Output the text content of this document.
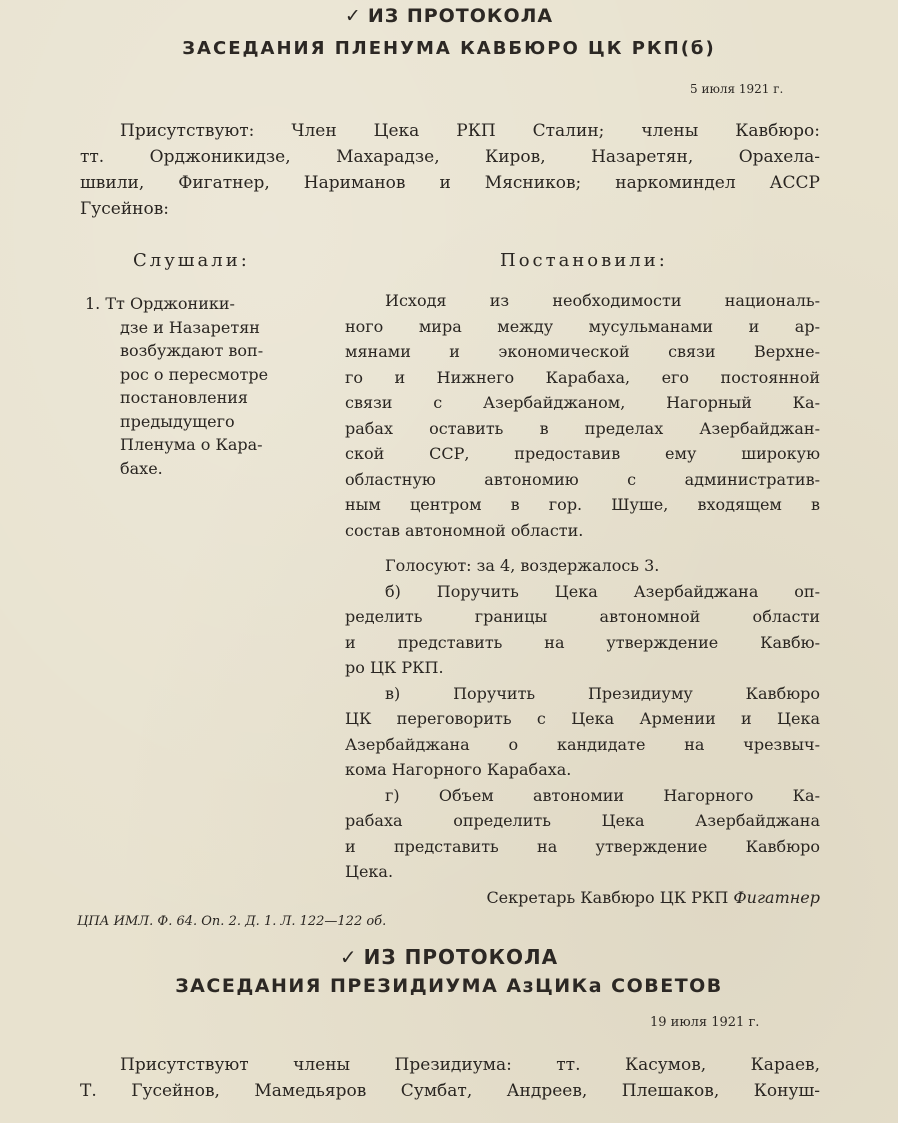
✓ ИЗ ПРОТОКОЛА
ЗАСЕДАНИЯ ПЛЕНУМА КАВБЮРО ЦК РКП(б)
5 июля 1921 г.
Присутствуют: Член Цека РКП Сталин; члены Кавбюро:
тт. Орджоникидзе, Махарадзе, Киров, Назаретян, Орахела-
швили, Фигатнер, Нариманов и Мясников; наркоминдел АССР
Гусейнов:
Слушали:	Постановили:
1. Тт Орджоники-
дзе и Назаретян
возбуждают воп-
рос о пересмотре
постановления
предыдущего
Пленума о Кара-
бахе.
Исходя из необходимости националь-
ного мира между мусульманами и ар-
мянами и экономической связи Верхне-
го и Нижнего Карабаха, его постоянной
связи с Азербайджаном, Нагорный Ка-
рабах оставить в пределах Азербайджан-
ской ССР, предоставив ему широкую
областную автономию с административ-
ным центром в гор. Шуше, входящем в
состав автономной области.
Голосуют: за 4, воздержалось 3.
б) Поручить Цека Азербайджана оп-
ределить границы автономной области
и представить на утверждение Кавбю-
ро ЦК РКП.
в) Поручить Президиуму Кавбюро
ЦК переговорить с Цека Армении и Цека
Азербайджана о кандидате на чрезвыч-
кома Нагорного Карабаха.
г) Объем автономии Нагорного Ка-
рабаха определить Цека Азербайджана
и представить на утверждение Кавбюро
Цека.
Секретарь Кавбюро ЦК РКП Фигатнер
ЦПА ИМЛ. Ф. 64. Оп. 2. Д. 1. Л. 122—122 об.
✓ ИЗ ПРОТОКОЛА
ЗАСЕДАНИЯ ПРЕЗИДИУМА АзЦИКа СОВЕТОВ
19 июля 1921 г.
Присутствуют члены Президиума: тт. Касумов, Караев,
Т. Гусейнов, Мамедьяров Сумбат, Андреев, Плешаков, Конуш-
